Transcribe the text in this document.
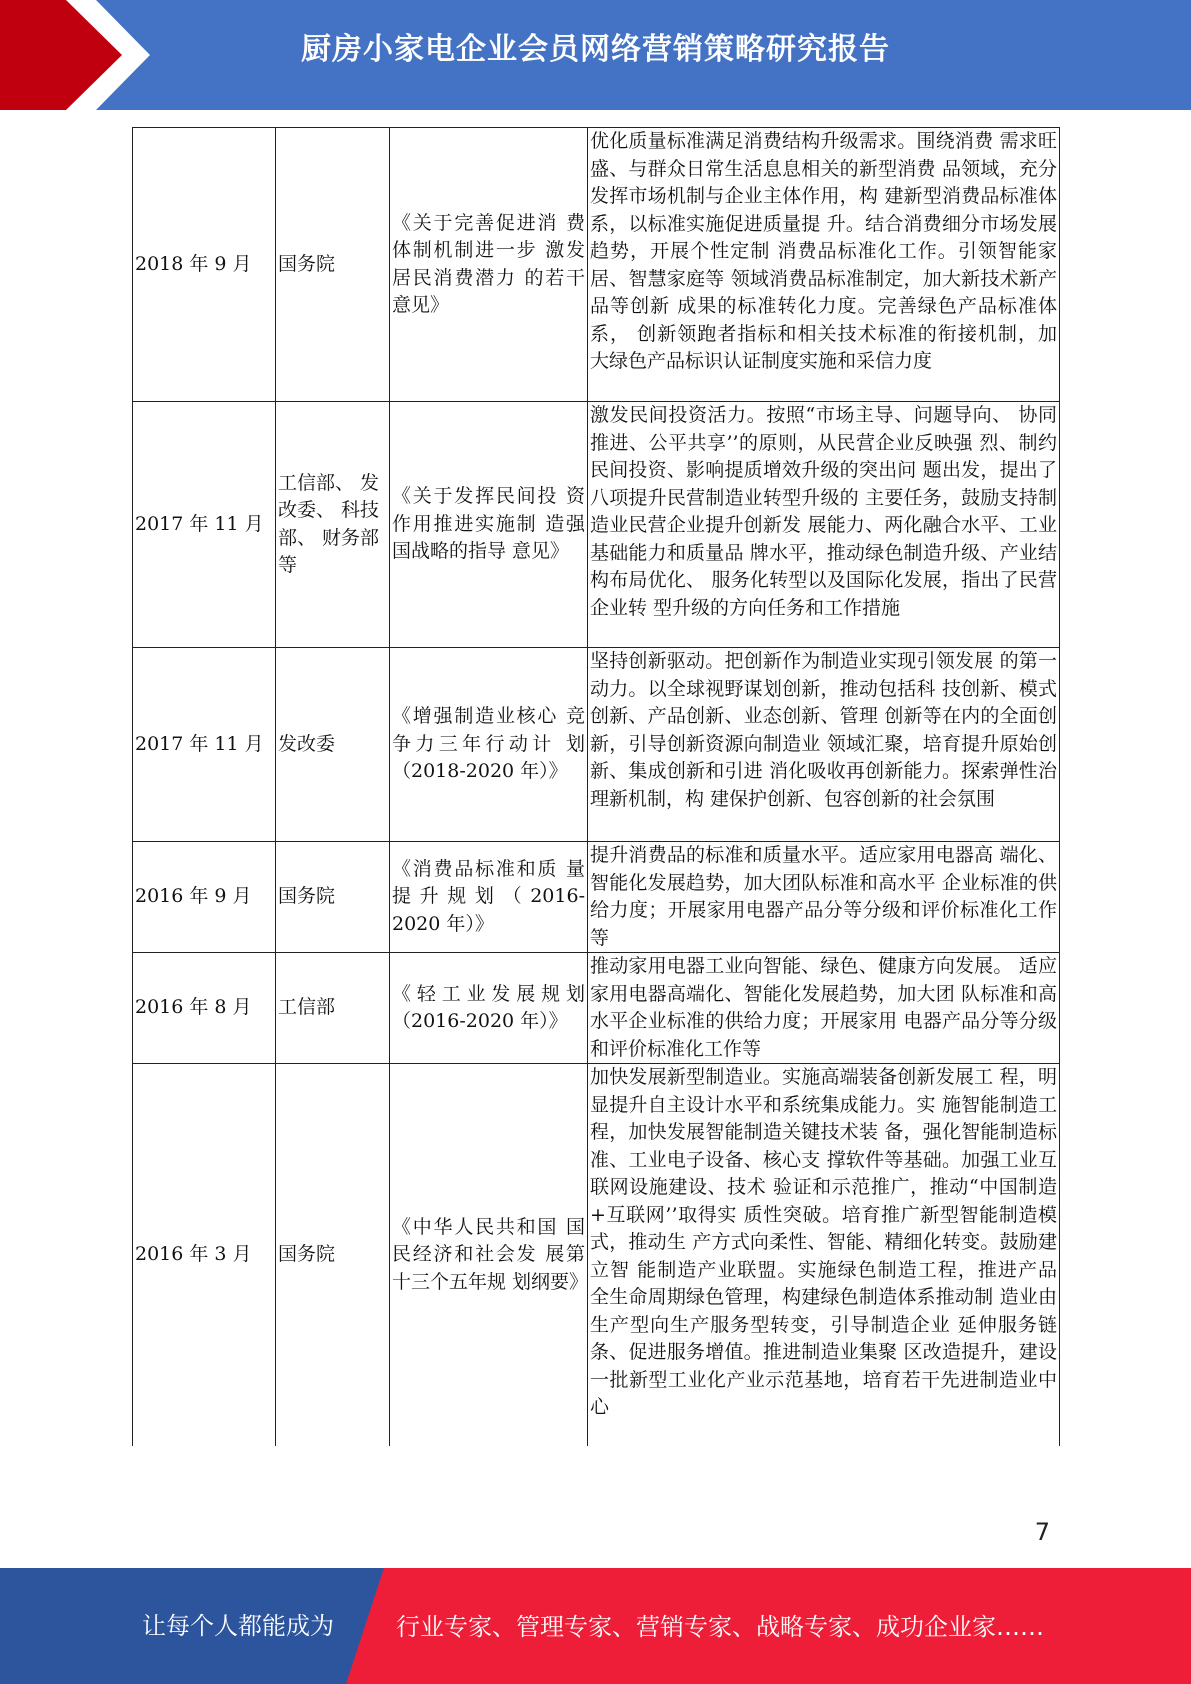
厨房小家电企业会员网络营销策略研究报告
2018 年 9 月	国务院	《关于完善促进消 费体制机制进一步 激发居民消费潜力 的若干意见》	优化质量标准满足消费结构升级需求。围绕消费 需求旺盛、与群众日常生活息息相关的新型消费 品领域，充分发挥市场机制与企业主体作用，构 建新型消费品标准体系，以标准实施促进质量提 升。结合消费细分市场发展趋势，开展个性定制 消费品标准化工作。引领智能家居、智慧家庭等 领域消费品标准制定，加大新技术新产品等创新 成果的标准转化力度。完善绿色产品标准体系， 创新领跑者指标和相关技术标准的衔接机制，加 大绿色产品标识认证制度实施和采信力度
2017 年 11 月	工信部、 发改委、 科技部、 财务部等	《关于发挥民间投 资作用推进实施制 造强国战略的指导 意见》	激发民间投资活力。按照“市场主导、问题导向、 协同推进、公平共享’’的原则，从民营企业反映强 烈、制约民间投资、影响提质增效升级的突出问 题出发，提出了八项提升民营制造业转型升级的 主要任务，鼓励支持制造业民营企业提升创新发 展能力、两化融合水平、工业基础能力和质量品 牌水平，推动绿色制造升级、产业结构布局优化、 服务化转型以及国际化发展，指出了民营企业转 型升级的方向任务和工作措施
2017 年 11 月	发改委	《增强制造业核心 竞争力三年行动计 划（2018-2020 年）》	坚持创新驱动。把创新作为制造业实现引领发展 的第一动力。以全球视野谋划创新，推动包括科 技创新、模式创新、产品创新、业态创新、管理 创新等在内的全面创新，引导创新资源向制造业 领域汇聚，培育提升原始创新、集成创新和引进 消化吸收再创新能力。探索弹性治理新机制，构 建保护创新、包容创新的社会氛围
2016 年 9 月	国务院	《消费品标准和质 量提升规划（2016-2020 年）》	提升消费品的标准和质量水平。适应家用电器高 端化、智能化发展趋势，加大团队标准和高水平 企业标准的供给力度；开展家用电器产品分等分级和评价标准化工作等
2016 年 8 月	工信部	《轻工业发展规划（2016-2020 年）》	推动家用电器工业向智能、绿色、健康方向发展。 适应家用电器高端化、智能化发展趋势，加大团 队标准和高水平企业标准的供给力度；开展家用 电器产品分等分级和评价标准化工作等
2016 年 3 月	国务院	《中华人民共和国 国民经济和社会发 展第十三个五年规 划纲要》	加快发展新型制造业。实施高端装备创新发展工 程，明显提升自主设计水平和系统集成能力。实 施智能制造工程，加快发展智能制造关键技术装 备，强化智能制造标准、工业电子设备、核心支 撑软件等基础。加强工业互联网设施建设、技术 验证和示范推广，推动“中国制造+互联网’’取得实 质性突破。培育推广新型智能制造模式，推动生 产方式向柔性、智能、精细化转变。鼓励建立智 能制造产业联盟。实施绿色制造工程，推进产品 全生命周期绿色管理，构建绿色制造体系推动制 造业由生产型向生产服务型转变，引导制造企业 延伸服务链条、促进服务增值。推进制造业集聚 区改造提升，建设一批新型工业化产业示范基地，培育若干先进制造业中心
7
让每个人都能成为	行业专家、管理专家、营销专家、战略专家、成功企业家……
